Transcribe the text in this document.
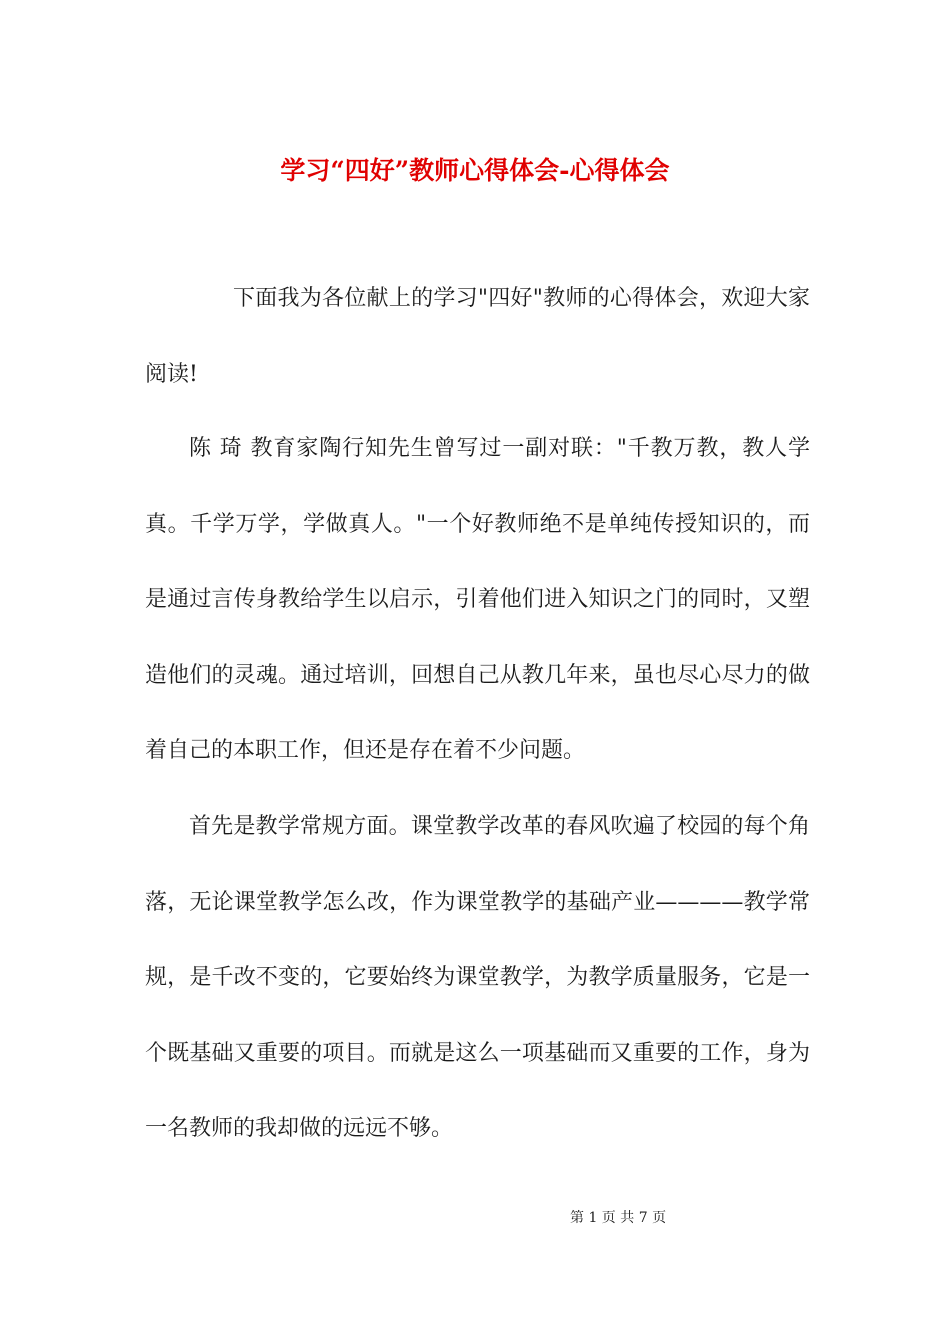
学习“四好”教师心得体会-心得体会

下面我为各位献上的学习"四好"教师的心得体会，欢迎大家阅读!

陈 琦 教育家陶行知先生曾写过一副对联："千教万教，教人学真。千学万学，学做真人。"一个好教师绝不是单纯传授知识的，而是通过言传身教给学生以启示，引着他们进入知识之门的同时，又塑造他们的灵魂。通过培训，回想自己从教几年来，虽也尽心尽力的做着自己的本职工作，但还是存在着不少问题。

首先是教学常规方面。课堂教学改革的春风吹遍了校园的每个角落，无论课堂教学怎么改，作为课堂教学的基础产业————教学常规，是千改不变的，它要始终为课堂教学，为教学质量服务，它是一个既基础又重要的项目。而就是这么一项基础而又重要的工作，身为一名教师的我却做的远远不够。

第 1 页 共 7 页
